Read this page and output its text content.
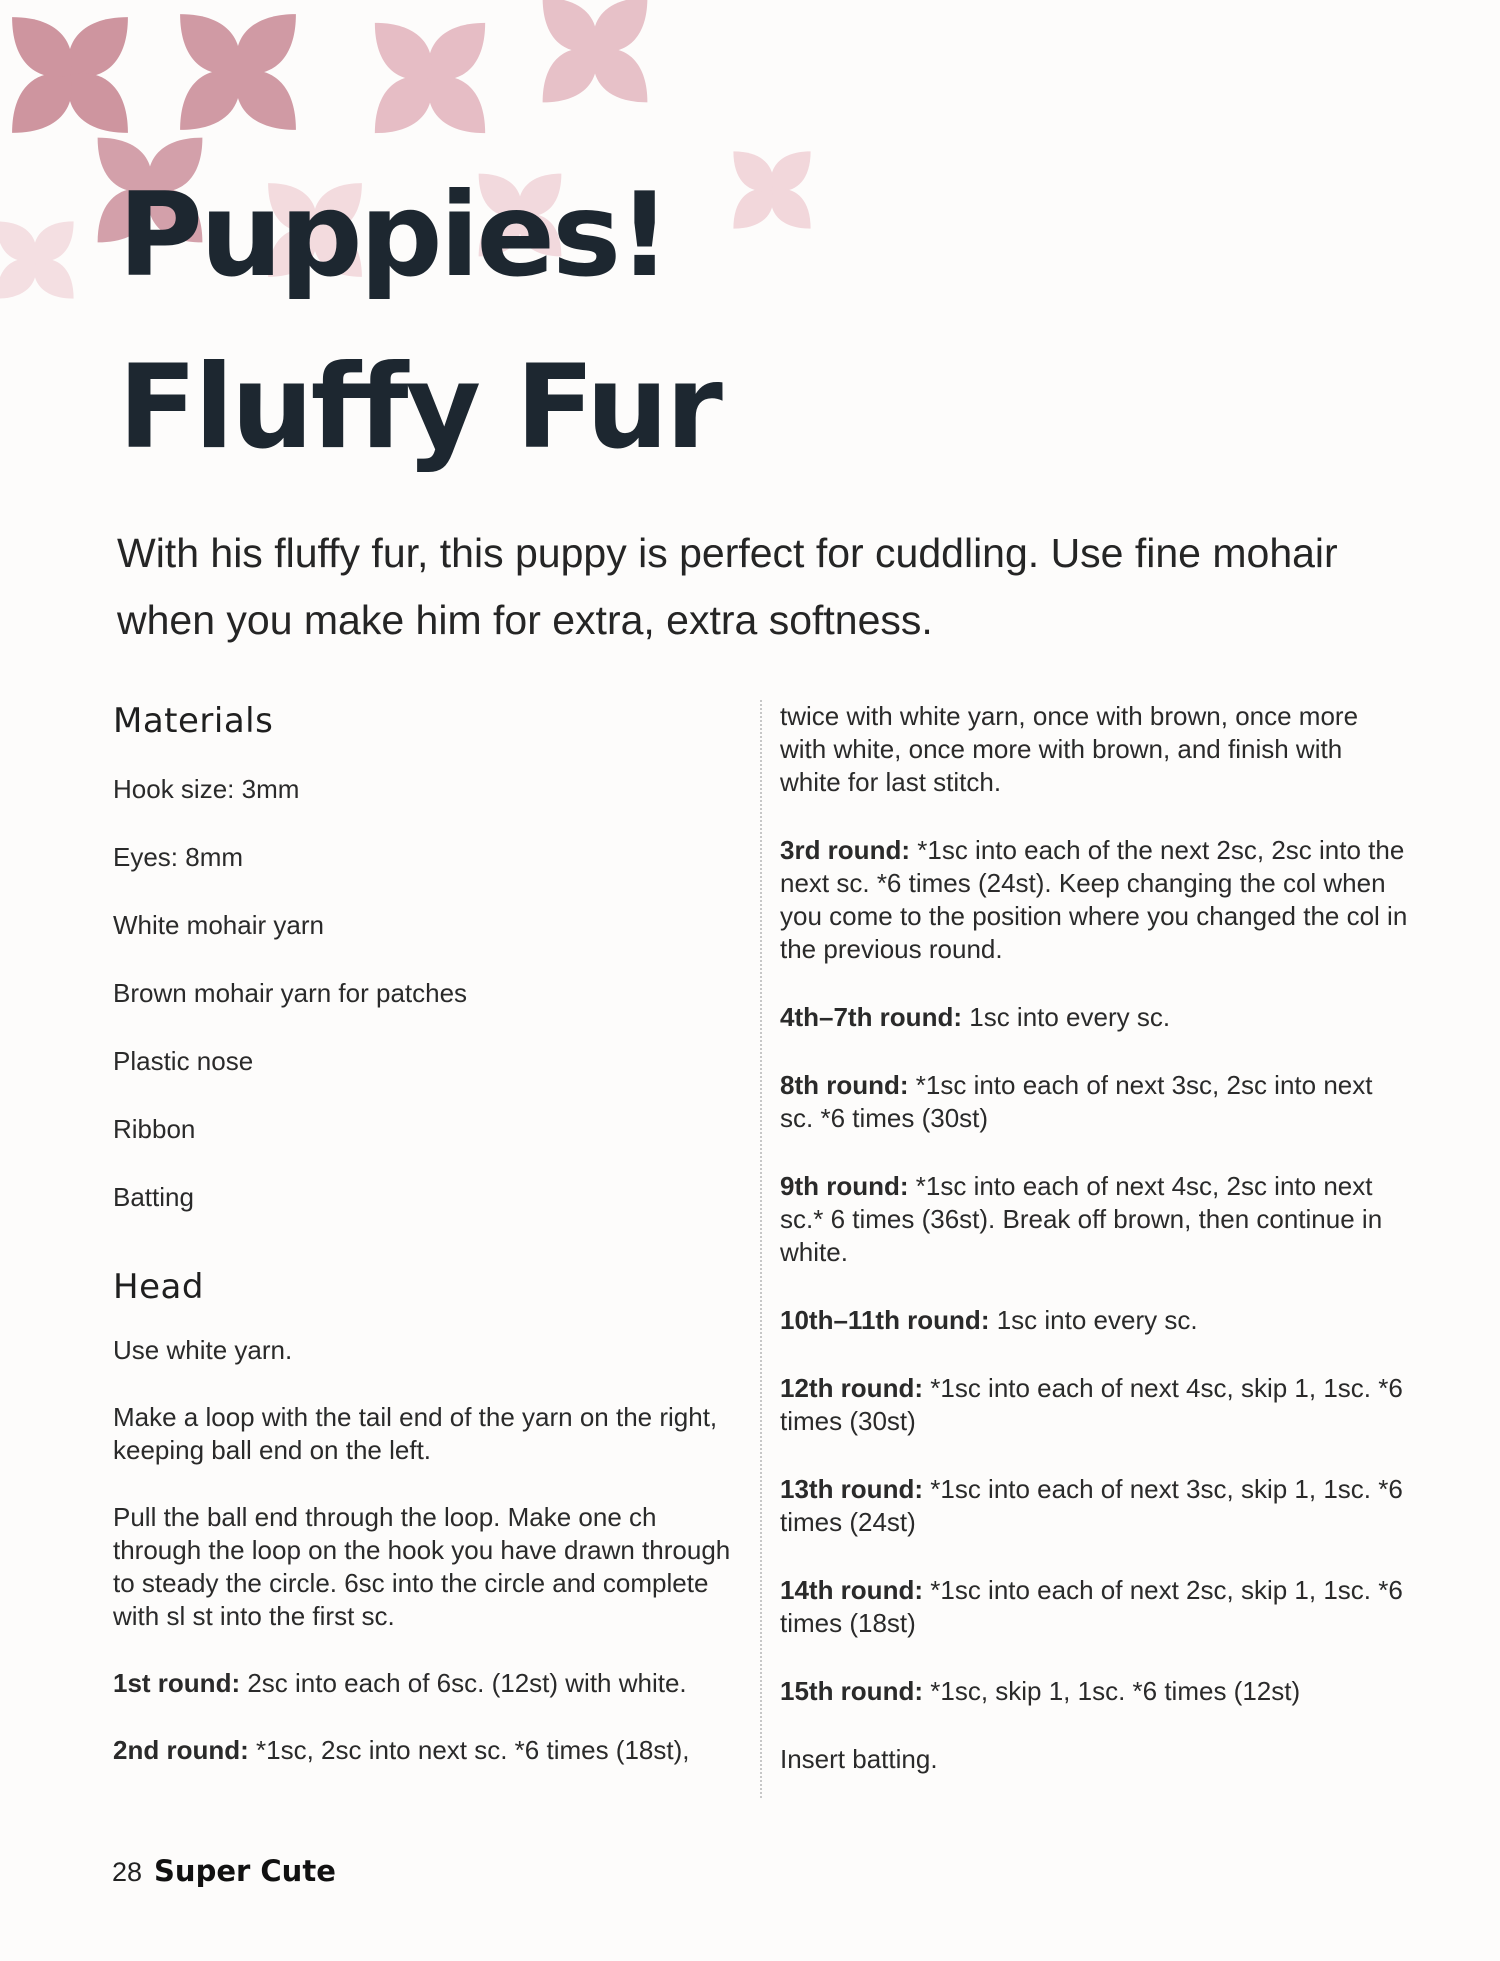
Puppies!
Fluffy Fur

With his fluffy fur, this puppy is perfect for cuddling. Use fine mohair when you make him for extra, extra softness.

Materials
Hook size: 3mm
Eyes: 8mm
White mohair yarn
Brown mohair yarn for patches
Plastic nose
Ribbon
Batting
Head

Use white yarn.

Make a loop with the tail end of the yarn on the right, keeping ball end on the left.

Pull the ball end through the loop. Make one ch through the loop on the hook you have drawn through to steady the circle. 6sc into the circle and complete with sl st into the first sc.

1st round: 2sc into each of 6sc. (12st) with white.

2nd round: *1sc, 2sc into next sc. *6 times (18st),

twice with white yarn, once with brown, once more with white, once more with brown, and finish with white for last stitch.

3rd round: *1sc into each of the next 2sc, 2sc into the next sc. *6 times (24st). Keep changing the col when you come to the position where you changed the col in the previous round.

4th–7th round: 1sc into every sc.

8th round: *1sc into each of next 3sc, 2sc into next sc. *6 times (30st)

9th round: *1sc into each of next 4sc, 2sc into next sc.* 6 times (36st). Break off brown, then continue in white.

10th–11th round: 1sc into every sc.

12th round: *1sc into each of next 4sc, skip 1, 1sc. *6 times (30st)

13th round: *1sc into each of next 3sc, skip 1, 1sc. *6 times (24st)

14th round: *1sc into each of next 2sc, skip 1, 1sc. *6 times (18st)

15th round: *1sc, skip 1, 1sc. *6 times (12st)

Insert batting.

28 Super Cute
